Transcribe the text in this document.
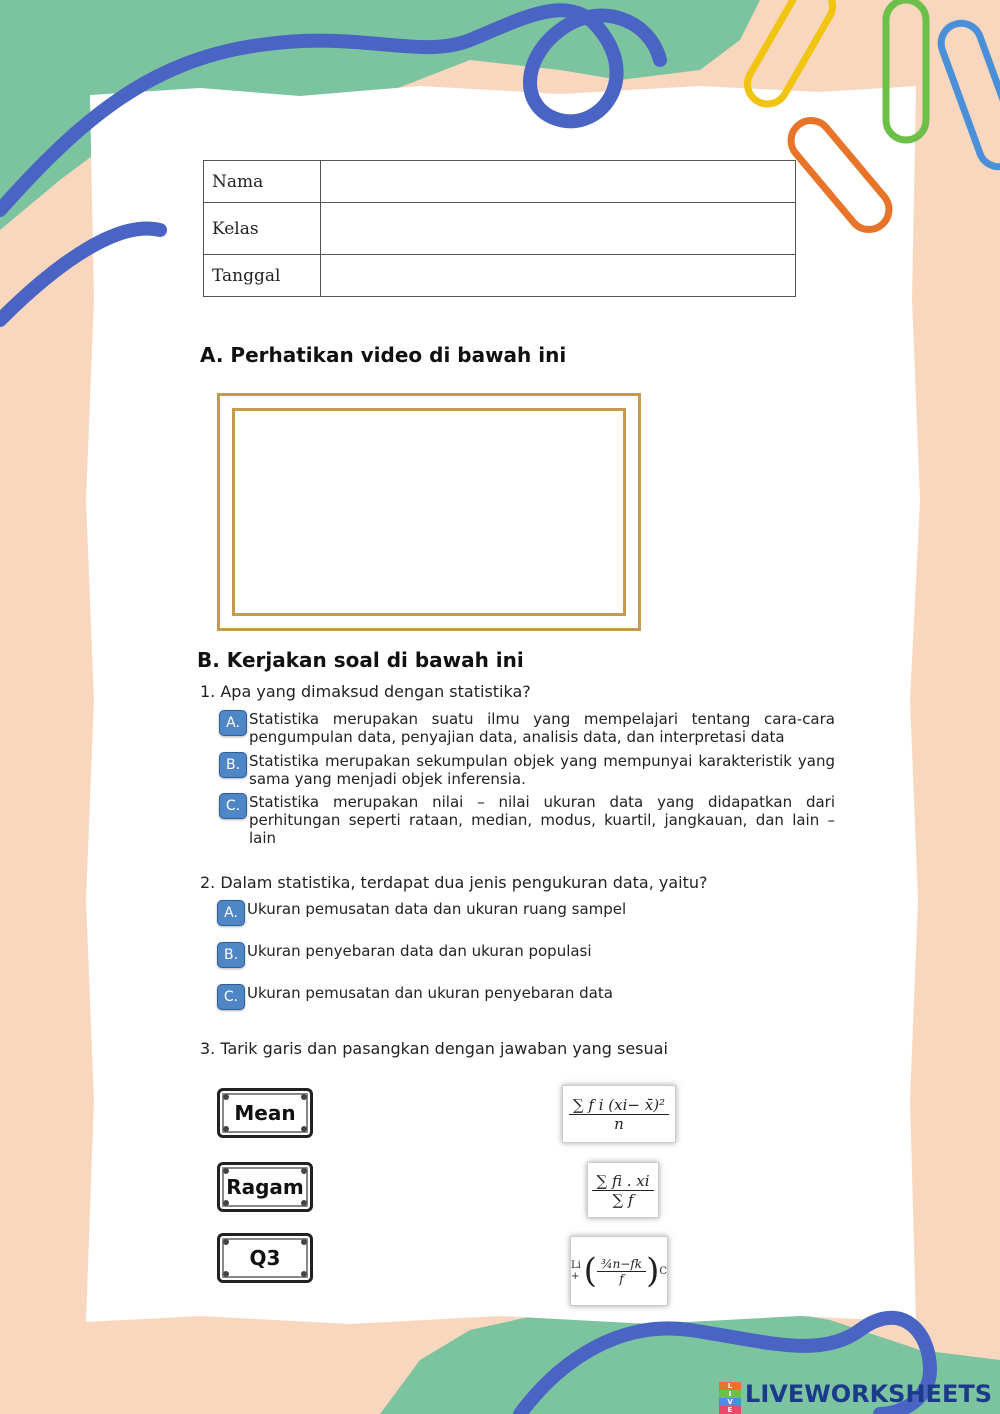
Nama	
Kelas	
Tanggal	
A. Perhatikan video di bawah ini
B. Kerjakan soal di bawah ini

1. Apa yang dimaksud dengan statistika?

A. Statistika merupakan suatu ilmu yang mempelajari tentang cara-cara pengumpulan data, penyajian data, analisis data, dan interpretasi data
B. Statistika merupakan sekumpulan objek yang mempunyai karakteristik yang sama yang menjadi objek inferensia.
C. Statistika merupakan nilai – nilai ukuran data yang didapatkan dari perhitungan seperti rataan, median, modus, kuartil, jangkauan, dan lain – lain

2. Dalam statistika, terdapat dua jenis pengukuran data, yaitu?

A. Ukuran pemusatan data dan ukuran ruang sampel
B. Ukuran penyebaran data dan ukuran populasi
C. Ukuran pemusatan dan ukuran penyebaran data

3. Tarik garis dan pasangkan dengan jawaban yang sesuai

Mean
Ragam
Q3
$\frac{\text{∑ f i (xi− x̄)²}}{n}$
$\frac{\sum fi . xi}{\sum f}$
Li + ( $\frac{\text{¾n−fk}}{f}$ ) C
L
I
V
E
LIVEWORKSHEETS
